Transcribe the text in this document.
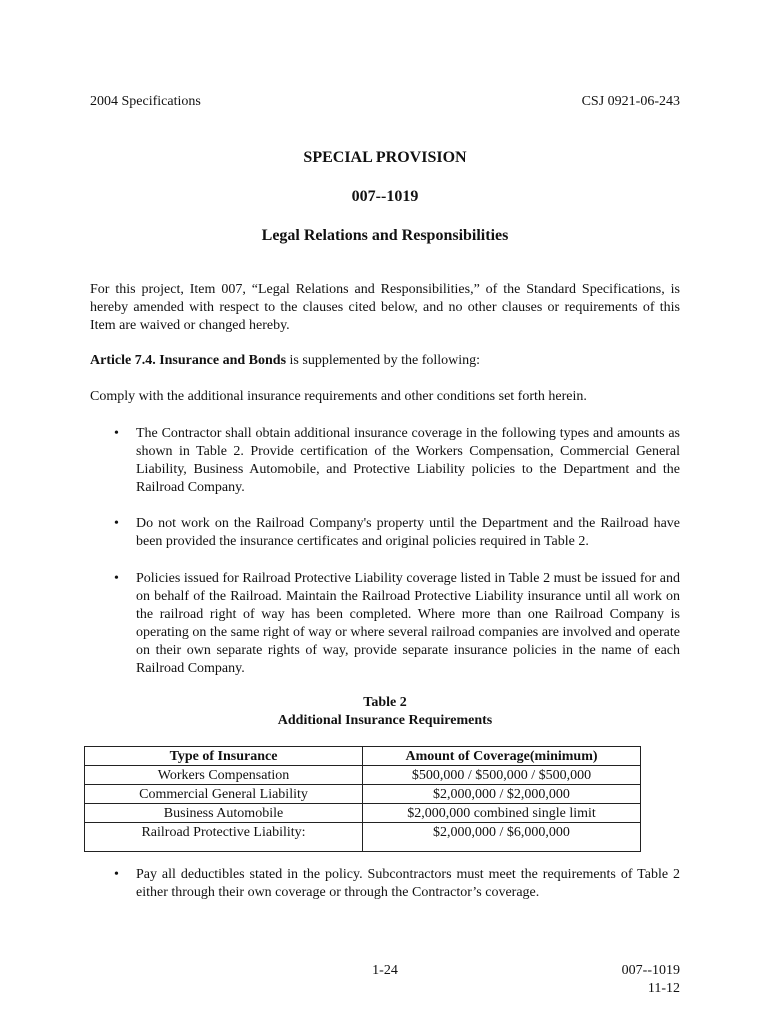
2004 Specifications	CSJ 0921-06-243
SPECIAL PROVISION
007--1019
Legal Relations and Responsibilities
For this project, Item 007, “Legal Relations and Responsibilities,” of the Standard Specifications, is hereby amended with respect to the clauses cited below, and no other clauses or requirements of this Item are waived or changed hereby.
Article 7.4. Insurance and Bonds is supplemented by the following:
Comply with the additional insurance requirements and other conditions set forth herein.
• The Contractor shall obtain additional insurance coverage in the following types and amounts as shown in Table 2. Provide certification of the Workers Compensation, Commercial General Liability, Business Automobile, and Protective Liability policies to the Department and the Railroad Company.
• Do not work on the Railroad Company's property until the Department and the Railroad have been provided the insurance certificates and original policies required in Table 2.
• Policies issued for Railroad Protective Liability coverage listed in Table 2 must be issued for and on behalf of the Railroad. Maintain the Railroad Protective Liability insurance until all work on the railroad right of way has been completed. Where more than one Railroad Company is operating on the same right of way or where several railroad companies are involved and operate on their own separate rights of way, provide separate insurance policies in the name of each Railroad Company.
Table 2
Additional Insurance Requirements
Type of Insurance	Amount of Coverage(minimum)
Workers Compensation	$500,000 / $500,000 / $500,000
Commercial General Liability	$2,000,000 / $2,000,000
Business Automobile	$2,000,000 combined single limit
Railroad Protective Liability:	$2,000,000 / $6,000,000
• Pay all deductibles stated in the policy. Subcontractors must meet the requirements of Table 2 either through their own coverage or through the Contractor’s coverage.
1-24	007--1019
11-12
